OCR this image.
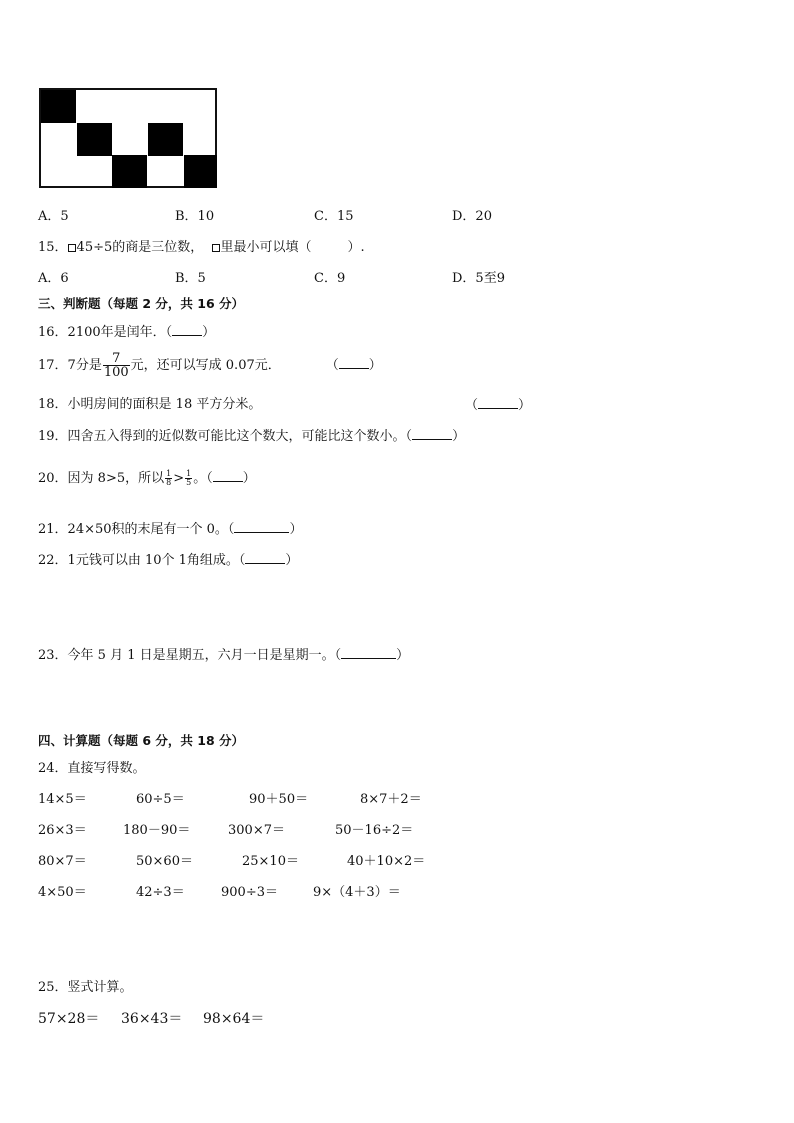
A．5	B．10	C．15	D．20
15． 45÷5的商是三位数， 里最小可以填（	）.
A．6	B．5	C．9	D．5至9
三、判断题（每题 2 分，共 16 分）
16．2100年是闰年．（ ）
17．7分是 $\frac{7}{100}$ 元，还可以写成 0.07元．	（ ）
18．小明房间的面积是 18 平方分米。	（	）
19．四舍五入得到的近似数可能比这个数大，可能比这个数小。（	）
20．因为 8>5，所以 $\frac{1}{8} > \frac{1}{5}$ 。（ ）
21．24×50积的末尾有一个 0。（	）
22．1元钱可以由 10个 1角组成。（	）
23．今年 5 月 1 日是星期五，六月一日是星期一。（	）
四、计算题（每题 6 分，共 18 分）
24．直接写得数。
14×5＝	60÷5＝	90＋50＝	8×7＋2＝
26×3＝	180－90＝	300×7＝	50－16÷2＝
80×7＝	50×60＝	25×10＝	40＋10×2＝
4×50＝	42÷3＝	900÷3＝	9×（4＋3）＝
25．竖式计算。
57×28＝ 36×43＝ 98×64＝
